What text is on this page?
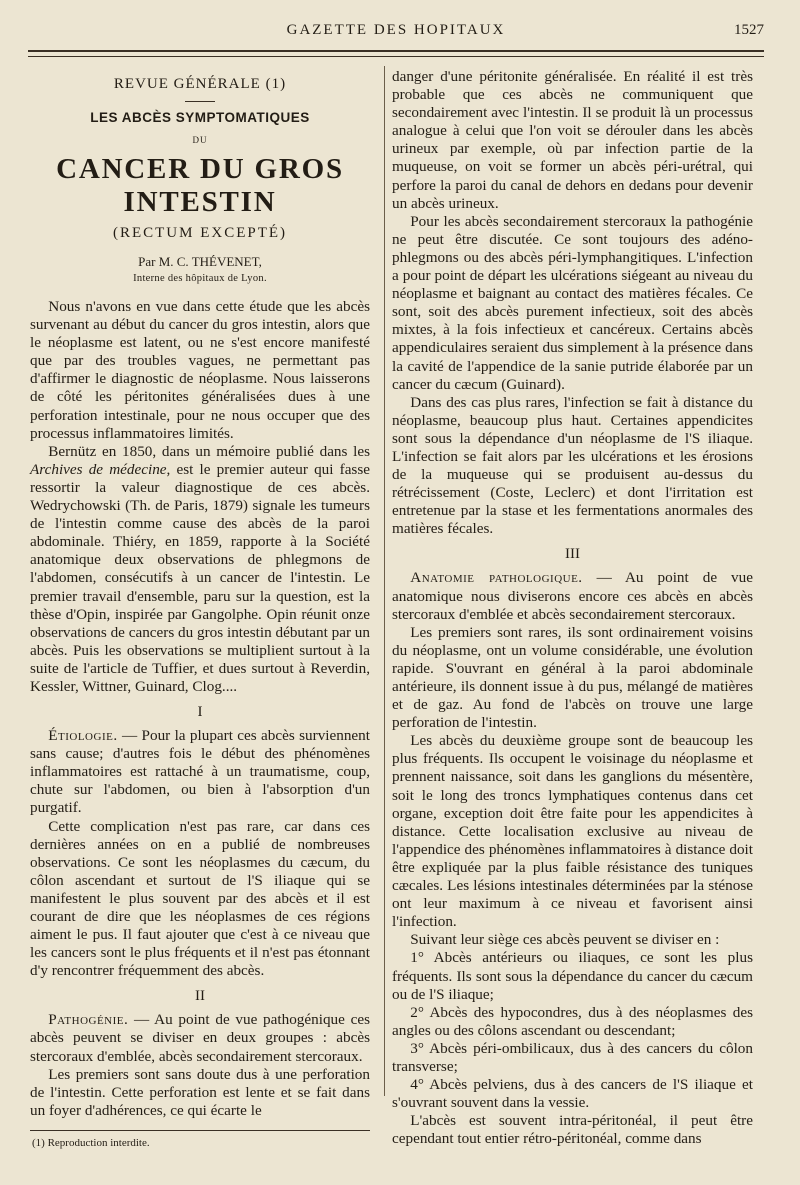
GAZETTE DES HOPITAUX	1527
REVUE GÉNÉRALE (1)
LES ABCÈS SYMPTOMATIQUES
DU
CANCER DU GROS INTESTIN
(RECTUM EXCEPTÉ)
Par M. C. THÉVENET,
Interne des hôpitaux de Lyon.

Nous n'avons en vue dans cette étude que les abcès survenant au début du cancer du gros intestin, alors que le néoplasme est latent, ou ne s'est encore manifesté que par des troubles vagues, ne permettant pas d'affirmer le diagnostic de néoplasme. Nous laisserons de côté les péritonites généralisées dues à une perforation intestinale, pour ne nous occuper que des processus inflammatoires limités.

Bernütz en 1850, dans un mémoire publié dans les Archives de médecine, est le premier auteur qui fasse ressortir la valeur diagnostique de ces abcès. Wedrychowski (Th. de Paris, 1879) signale les tumeurs de l'intestin comme cause des abcès de la paroi abdominale. Thiéry, en 1859, rapporte à la Société anatomique deux observations de phlegmons de l'abdomen, consécutifs à un cancer de l'intestin. Le premier travail d'ensemble, paru sur la question, est la thèse d'Opin, inspirée par Gangolphe. Opin réunit onze observations de cancers du gros intestin débutant par un abcès. Puis les observations se multiplient surtout à la suite de l'article de Tuffier, et dues surtout à Reverdin, Kessler, Wittner, Guinard, Clog....

I

Étiologie. — Pour la plupart ces abcès surviennent sans cause; d'autres fois le début des phénomènes inflammatoires est rattaché à un traumatisme, coup, chute sur l'abdomen, ou bien à l'absorption d'un purgatif.

Cette complication n'est pas rare, car dans ces dernières années on en a publié de nombreuses observations. Ce sont les néoplasmes du cæcum, du côlon ascendant et surtout de l'S iliaque qui se manifestent le plus souvent par des abcès et il est courant de dire que les néoplasmes de ces régions aiment le pus. Il faut ajouter que c'est à ce niveau que les cancers sont le plus fréquents et il n'est pas étonnant d'y rencontrer fréquemment des abcès.

II

Pathogénie. — Au point de vue pathogénique ces abcès peuvent se diviser en deux groupes : abcès stercoraux d'emblée, abcès secondairement stercoraux.

Les premiers sont sans doute dus à une perforation de l'intestin. Cette perforation est lente et se fait dans un foyer d'adhérences, ce qui écarte le

(1) Reproduction interdite.

danger d'une péritonite généralisée. En réalité il est très probable que ces abcès ne communiquent que secondairement avec l'intestin. Il se produit là un processus analogue à celui que l'on voit se dérouler dans les abcès urineux par exemple, où par infection partie de la muqueuse, on voit se former un abcès péri-urétral, qui perfore la paroi du canal de dehors en dedans pour devenir un abcès urineux.

Pour les abcès secondairement stercoraux la pathogénie ne peut être discutée. Ce sont toujours des adéno-phlegmons ou des abcès péri-lymphangitiques. L'infection a pour point de départ les ulcérations siégeant au niveau du néoplasme et baignant au contact des matières fécales. Ce sont, soit des abcès purement infectieux, soit des abcès mixtes, à la fois infectieux et cancéreux. Certains abcès appendiculaires seraient dus simplement à la présence dans la cavité de l'appendice de la sanie putride élaborée par un cancer du cæcum (Guinard).

Dans des cas plus rares, l'infection se fait à distance du néoplasme, beaucoup plus haut. Certaines appendicites sont sous la dépendance d'un néoplasme de l'S iliaque. L'infection se fait alors par les ulcérations et les érosions de la muqueuse qui se produisent au-dessus du rétrécissement (Coste, Leclerc) et dont l'irritation est entretenue par la stase et les fermentations anormales des matières fécales.

III

Anatomie pathologique. — Au point de vue anatomique nous diviserons encore ces abcès en abcès stercoraux d'emblée et abcès secondairement stercoraux.

Les premiers sont rares, ils sont ordinairement voisins du néoplasme, ont un volume considérable, une évolution rapide. S'ouvrant en général à la paroi abdominale antérieure, ils donnent issue à du pus, mélangé de matières et de gaz. Au fond de l'abcès on trouve une large perforation de l'intestin.

Les abcès du deuxième groupe sont de beaucoup les plus fréquents. Ils occupent le voisinage du néoplasme et prennent naissance, soit dans les ganglions du mésentère, soit le long des troncs lymphatiques contenus dans cet organe, exception doit être faite pour les appendicites à distance. Cette localisation exclusive au niveau de l'appendice des phénomènes inflammatoires à distance doit être expliquée par la plus faible résistance des tuniques cæcales. Les lésions intestinales déterminées par la sténose ont leur maximum à ce niveau et favorisent ainsi l'infection.

Suivant leur siège ces abcès peuvent se diviser en :

1° Abcès antérieurs ou iliaques, ce sont les plus fréquents. Ils sont sous la dépendance du cancer du cæcum ou de l'S iliaque;

2° Abcès des hypocondres, dus à des néoplasmes des angles ou des côlons ascendant ou descendant;

3° Abcès péri-ombilicaux, dus à des cancers du côlon transverse;

4° Abcès pelviens, dus à des cancers de l'S iliaque et s'ouvrant souvent dans la vessie.

L'abcès est souvent intra-péritonéal, il peut être cependant tout entier rétro-péritonéal, comme dans
